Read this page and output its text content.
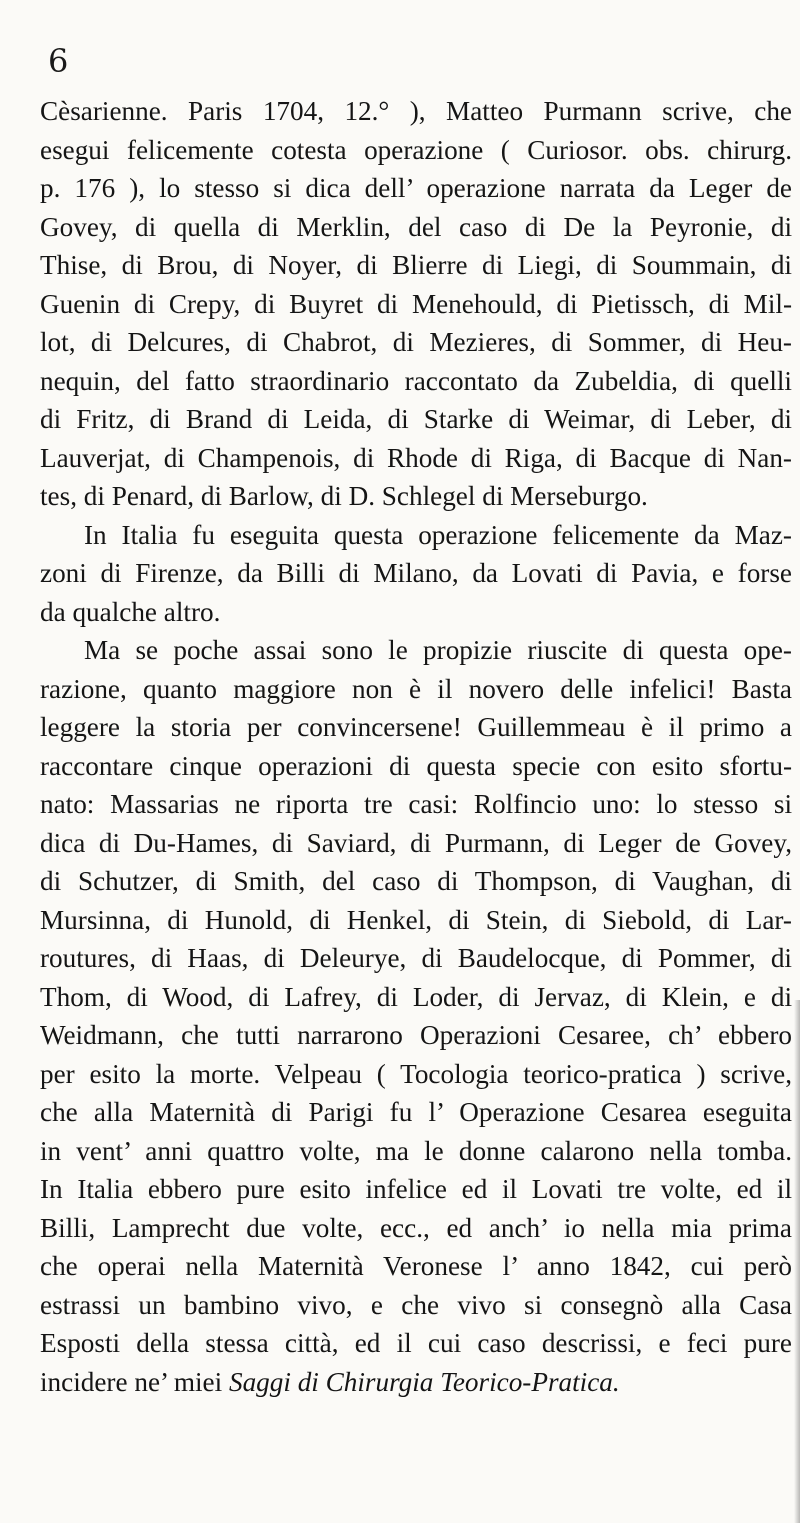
6
Cèsarienne. Paris 1704, 12.° ), Matteo Purmann scrive, che
esegui felicemente cotesta operazione ( Curiosor. obs. chirurg.
p. 176 ), lo stesso si dica dell’ operazione narrata da Leger de
Govey, di quella di Merklin, del caso di De la Peyronie, di
Thise, di Brou, di Noyer, di Blierre di Liegi, di Soummain, di
Guenin di Crepy, di Buyret di Menehould, di Pietissch, di Mil-
lot, di Delcures, di Chabrot, di Mezieres, di Sommer, di Heu-
nequin, del fatto straordinario raccontato da Zubeldia, di quelli
di Fritz, di Brand di Leida, di Starke di Weimar, di Leber, di
Lauverjat, di Champenois, di Rhode di Riga, di Bacque di Nan-
tes, di Penard, di Barlow, di D. Schlegel di Merseburgo.
In Italia fu eseguita questa operazione felicemente da Maz-
zoni di Firenze, da Billi di Milano, da Lovati di Pavia, e forse
da qualche altro.
Ma se poche assai sono le propizie riuscite di questa ope-
razione, quanto maggiore non è il novero delle infelici! Basta
leggere la storia per convincersene! Guillemmeau è il primo a
raccontare cinque operazioni di questa specie con esito sfortu-
nato: Massarias ne riporta tre casi: Rolfincio uno: lo stesso si
dica di Du-Hames, di Saviard, di Purmann, di Leger de Govey,
di Schutzer, di Smith, del caso di Thompson, di Vaughan, di
Mursinna, di Hunold, di Henkel, di Stein, di Siebold, di Lar-
routures, di Haas, di Deleurye, di Baudelocque, di Pommer, di
Thom, di Wood, di Lafrey, di Loder, di Jervaz, di Klein, e di
Weidmann, che tutti narrarono Operazioni Cesaree, ch’ ebbero
per esito la morte. Velpeau ( Tocologia teorico-pratica ) scrive,
che alla Maternità di Parigi fu l’ Operazione Cesarea eseguita
in vent’ anni quattro volte, ma le donne calarono nella tomba.
In Italia ebbero pure esito infelice ed il Lovati tre volte, ed il
Billi, Lamprecht due volte, ecc., ed anch’ io nella mia prima
che operai nella Maternità Veronese l’ anno 1842, cui però
estrassi un bambino vivo, e che vivo si consegnò alla Casa
Esposti della stessa città, ed il cui caso descrissi, e feci pure
incidere ne’ miei Saggi di Chirurgia Teorico-Pratica.
